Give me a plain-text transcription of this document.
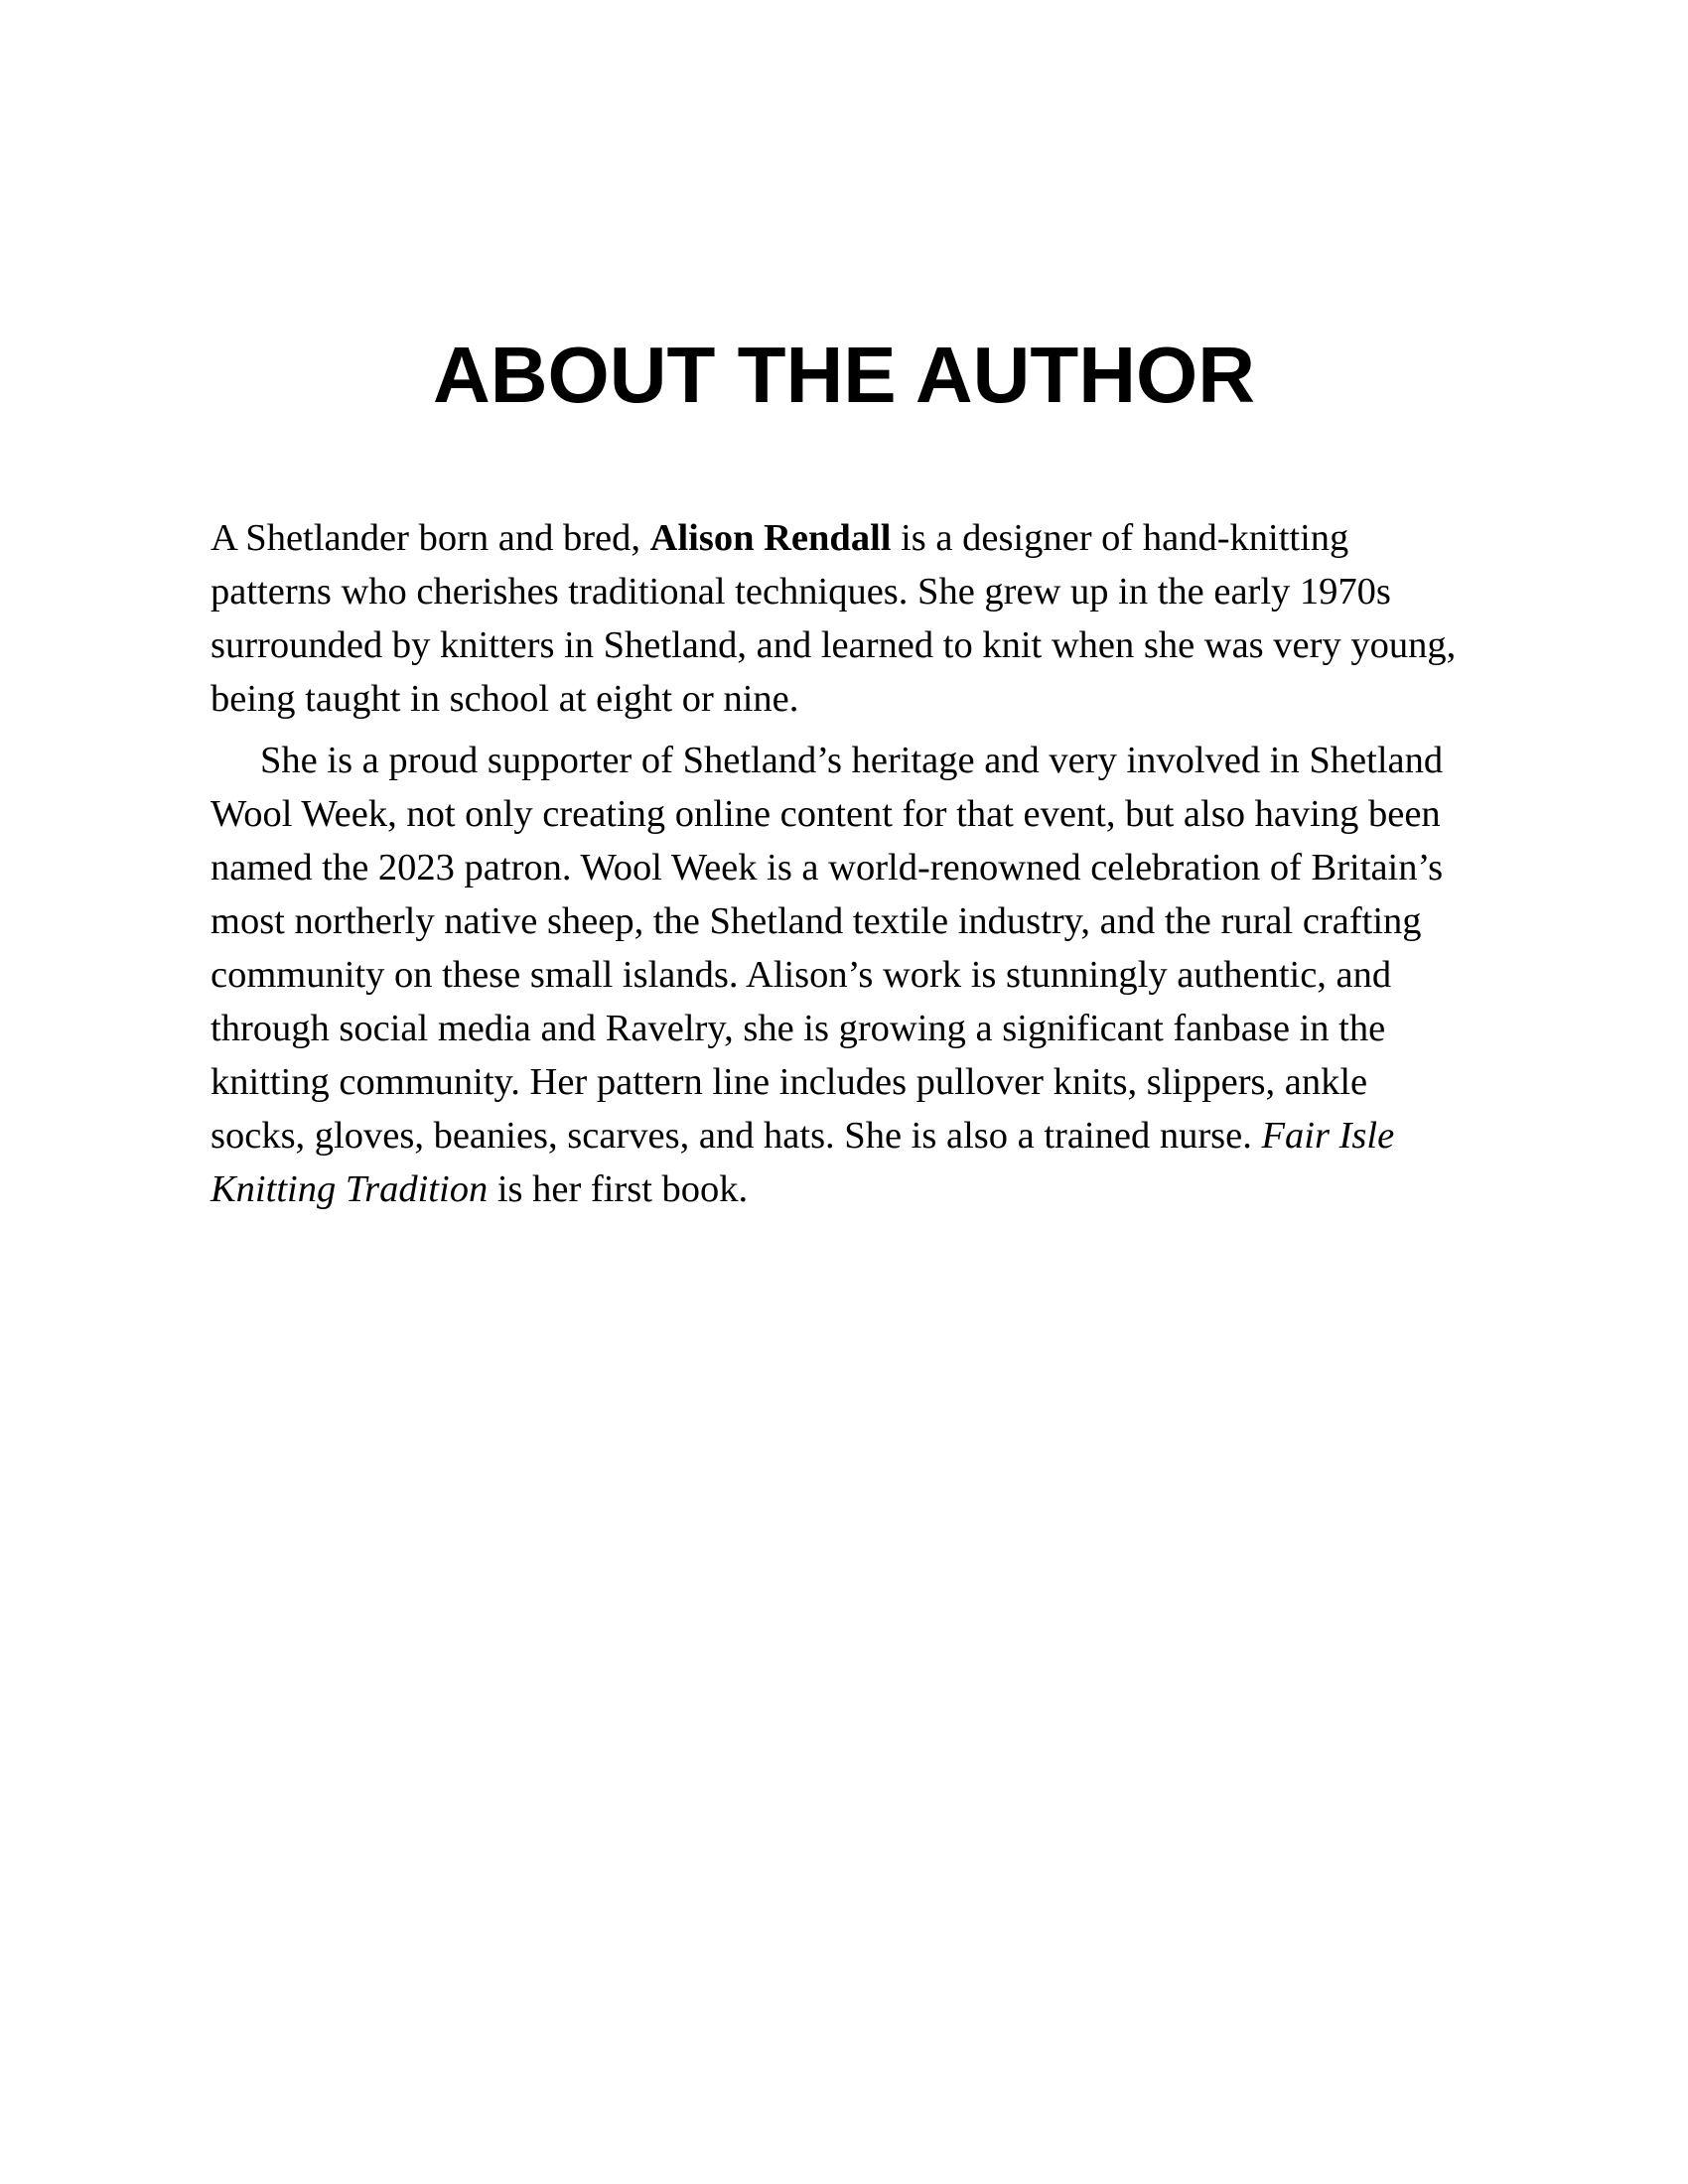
ABOUT THE AUTHOR

A Shetlander born and bred, Alison Rendall is a designer of hand-knitting patterns who cherishes traditional techniques. She grew up in the early 1970s surrounded by knitters in Shetland, and learned to knit when she was very young, being taught in school at eight or nine.

She is a proud supporter of Shetland’s heritage and very involved in Shetland Wool Week, not only creating online content for that event, but also having been named the 2023 patron. Wool Week is a world-renowned celebration of Britain’s most northerly native sheep, the Shetland textile industry, and the rural crafting community on these small islands. Alison’s work is stunningly authentic, and through social media and Ravelry, she is growing a significant fanbase in the knitting community. Her pattern line includes pullover knits, slippers, ankle socks, gloves, beanies, scarves, and hats. She is also a trained nurse. Fair Isle Knitting Tradition is her first book.
